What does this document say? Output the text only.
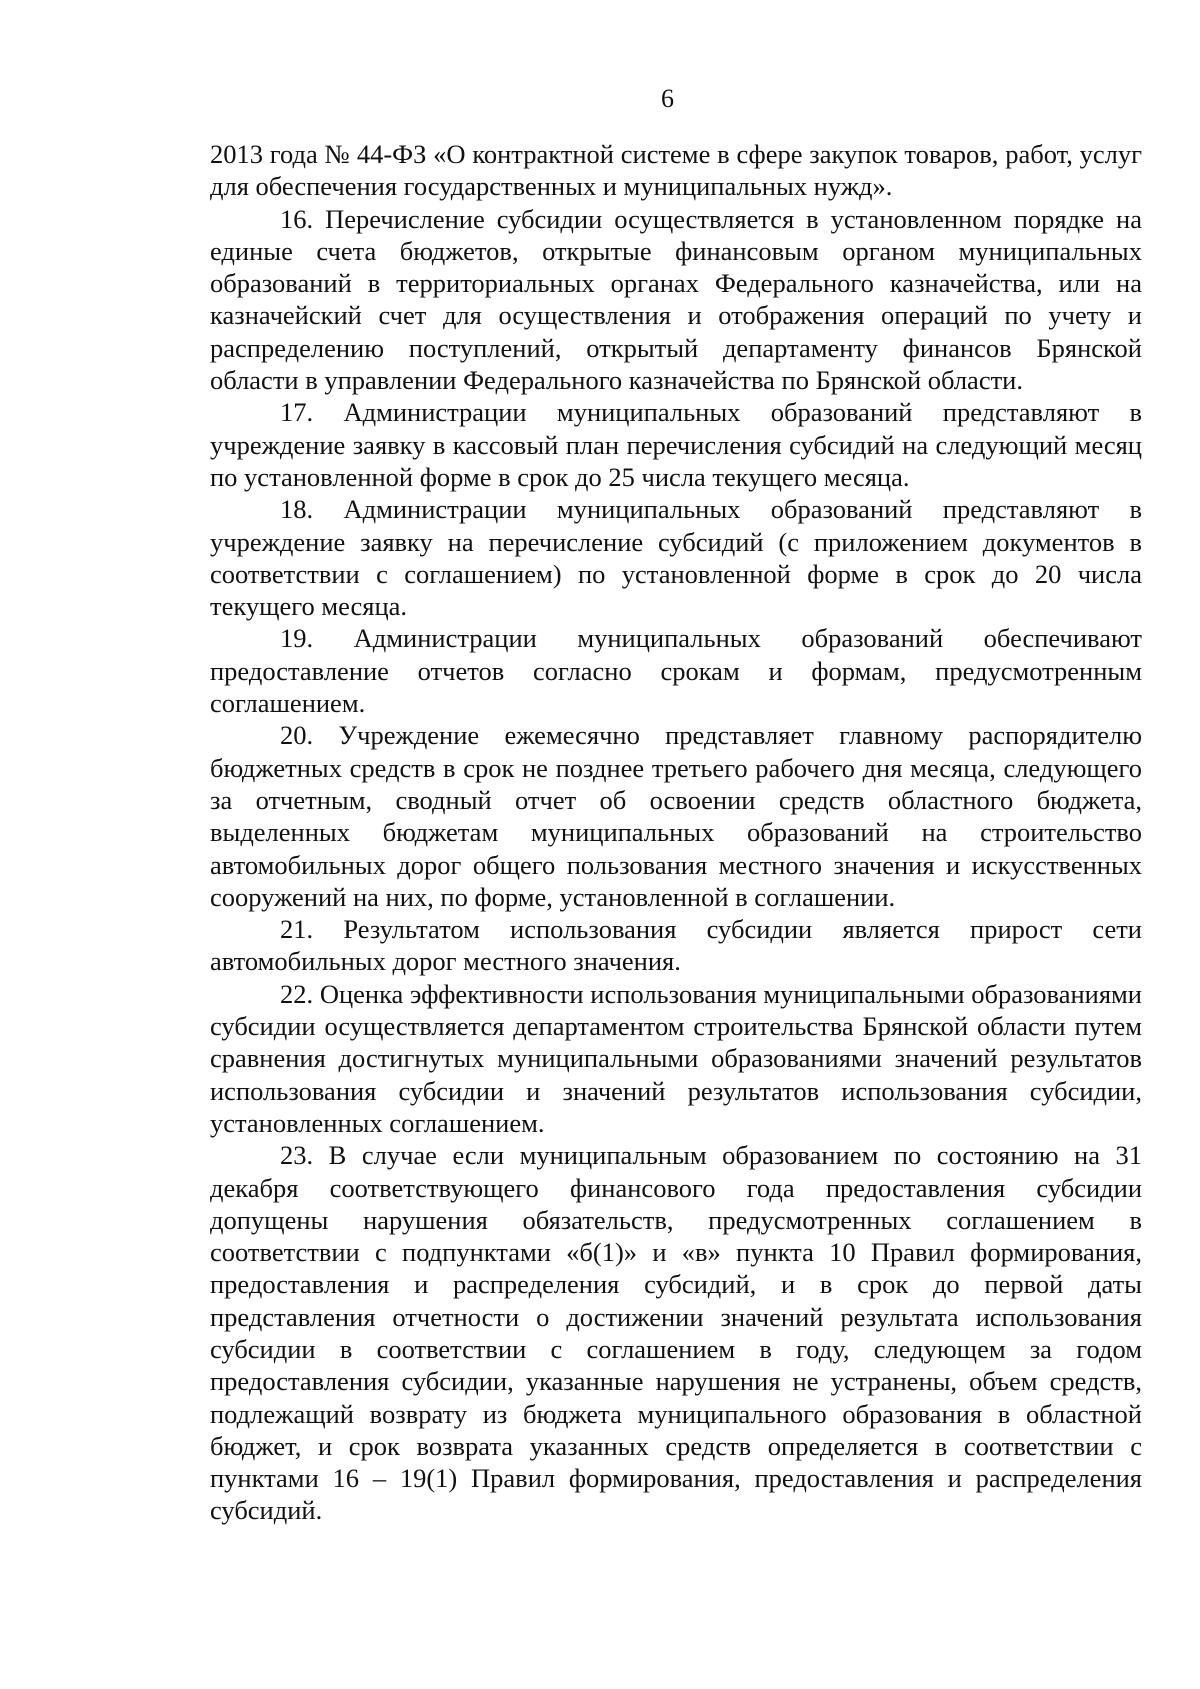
6

2013 года № 44-ФЗ «О контрактной системе в сфере закупок товаров, работ, услуг для обеспечения государственных и муниципальных нужд».

16. Перечисление субсидии осуществляется в установленном порядке на единые счета бюджетов, открытые финансовым органом муниципальных образований в территориальных органах Федерального казначейства, или на казначейский счет для осуществления и отображения операций по учету и распределению поступлений, открытый департаменту финансов Брянской области в управлении Федерального казначейства по Брянской области.

17. Администрации муниципальных образований представляют в учреждение заявку в кассовый план перечисления субсидий на следующий месяц по установленной форме в срок до 25 числа текущего месяца.

18. Администрации муниципальных образований представляют в учреждение заявку на перечисление субсидий (с приложением документов в соответствии с соглашением) по установленной форме в срок до 20 числа текущего месяца.

19. Администрации муниципальных образований обеспечивают предоставление отчетов согласно срокам и формам, предусмотренным соглашением.

20. Учреждение ежемесячно представляет главному распорядителю бюджетных средств в срок не позднее третьего рабочего дня месяца, следующего за отчетным, сводный отчет об освоении средств областного бюджета, выделенных бюджетам муниципальных образований на строительство автомобильных дорог общего пользования местного значения и искусственных сооружений на них, по форме, установленной в соглашении.

21. Результатом использования субсидии является прирост сети автомобильных дорог местного значения.

22. Оценка эффективности использования муниципальными образованиями субсидии осуществляется департаментом строительства Брянской области путем сравнения достигнутых муниципальными образованиями значений результатов использования субсидии и значений результатов использования субсидии, установленных соглашением.

23. В случае если муниципальным образованием по состоянию на 31 декабря соответствующего финансового года предоставления субсидии допущены нарушения обязательств, предусмотренных соглашением в соответствии с подпунктами «б(1)» и «в» пункта 10 Правил формирования, предоставления и распределения субсидий, и в срок до первой даты представления отчетности о достижении значений результата использования субсидии в соответствии с соглашением в году, следующем за годом предоставления субсидии, указанные нарушения не устранены, объем средств, подлежащий возврату из бюджета муниципального образования в областной бюджет, и срок возврата указанных средств определяется в соответствии с пунктами 16 – 19(1) Правил формирования, предоставления и распределения субсидий.
